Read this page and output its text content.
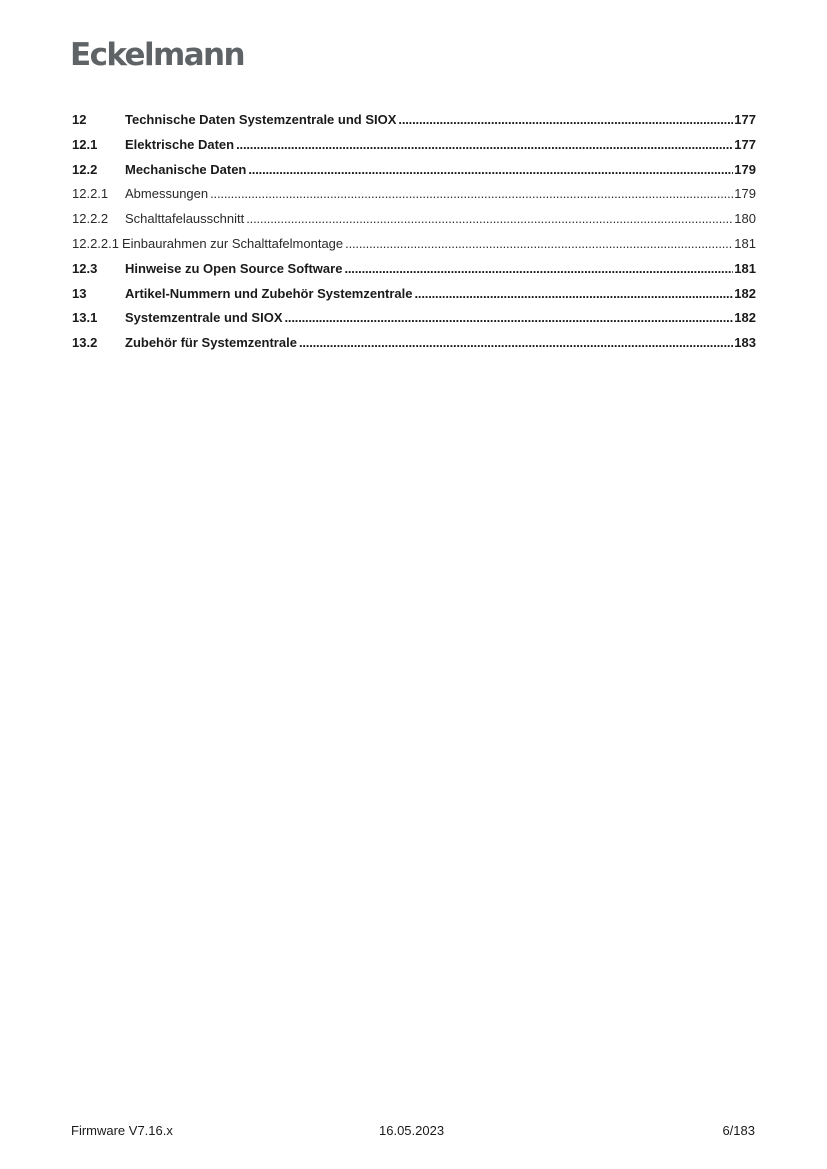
Eckelmann
12	Technische Daten Systemzentrale und SIOX . . .	177
12.1	Elektrische Daten . . .	177
12.2	Mechanische Daten . . .	179
12.2.1	Abmessungen . . .	179
12.2.2	Schalttafelausschnitt . . .	180
12.2.2.1 Einbaurahmen zur Schalttafelmontage . . .	181
12.3	Hinweise zu Open Source Software . . .	181
13	Artikel-Nummern und Zubehör Systemzentrale . . .	182
13.1	Systemzentrale und SIOX . . .	182
13.2	Zubehör für Systemzentrale . . .	183
Firmware V7.16.x	16.05.2023	6/183
